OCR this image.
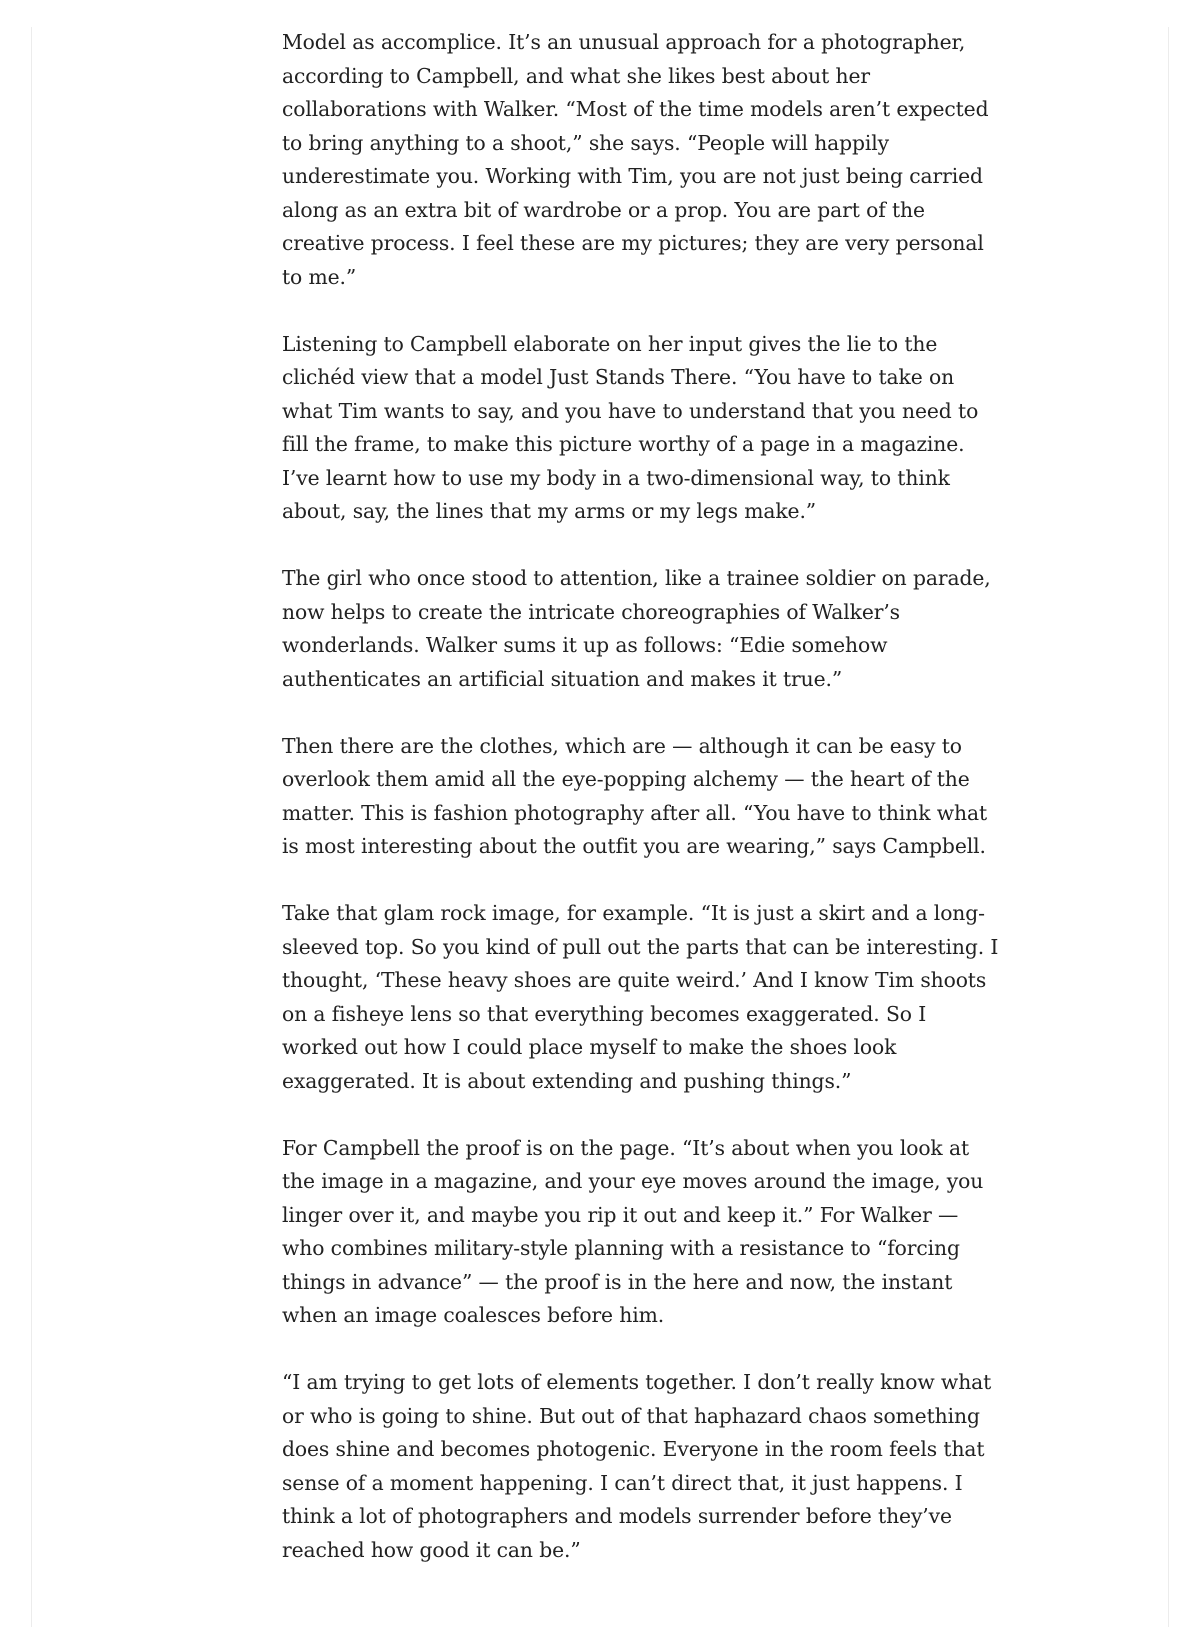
Model as accomplice. It’s an unusual approach for a photographer,
according to Campbell, and what she likes best about her
collaborations with Walker. “Most of the time models aren’t expected
to bring anything to a shoot,” she says. “People will happily
underestimate you. Working with Tim, you are not just being carried
along as an extra bit of wardrobe or a prop. You are part of the
creative process. I feel these are my pictures; they are very personal
to me.”

Listening to Campbell elaborate on her input gives the lie to the
clichéd view that a model Just Stands There. “You have to take on
what Tim wants to say, and you have to understand that you need to
fill the frame, to make this picture worthy of a page in a magazine.
I’ve learnt how to use my body in a two-dimensional way, to think
about, say, the lines that my arms or my legs make.”

The girl who once stood to attention, like a trainee soldier on parade,
now helps to create the intricate choreographies of Walker’s
wonderlands. Walker sums it up as follows: “Edie somehow
authenticates an artificial situation and makes it true.”

Then there are the clothes, which are — although it can be easy to
overlook them amid all the eye-popping alchemy — the heart of the
matter. This is fashion photography after all. “You have to think what
is most interesting about the outfit you are wearing,” says Campbell.

Take that glam rock image, for example. “It is just a skirt and a long-
sleeved top. So you kind of pull out the parts that can be interesting. I
thought, ‘These heavy shoes are quite weird.’ And I know Tim shoots
on a fisheye lens so that everything becomes exaggerated. So I
worked out how I could place myself to make the shoes look
exaggerated. It is about extending and pushing things.”

For Campbell the proof is on the page. “It’s about when you look at
the image in a magazine, and your eye moves around the image, you
linger over it, and maybe you rip it out and keep it.” For Walker —
who combines military-style planning with a resistance to “forcing
things in advance” — the proof is in the here and now, the instant
when an image coalesces before him.

“I am trying to get lots of elements together. I don’t really know what
or who is going to shine. But out of that haphazard chaos something
does shine and becomes photogenic. Everyone in the room feels that
sense of a moment happening. I can’t direct that, it just happens. I
think a lot of photographers and models surrender before they’ve
reached how good it can be.”
